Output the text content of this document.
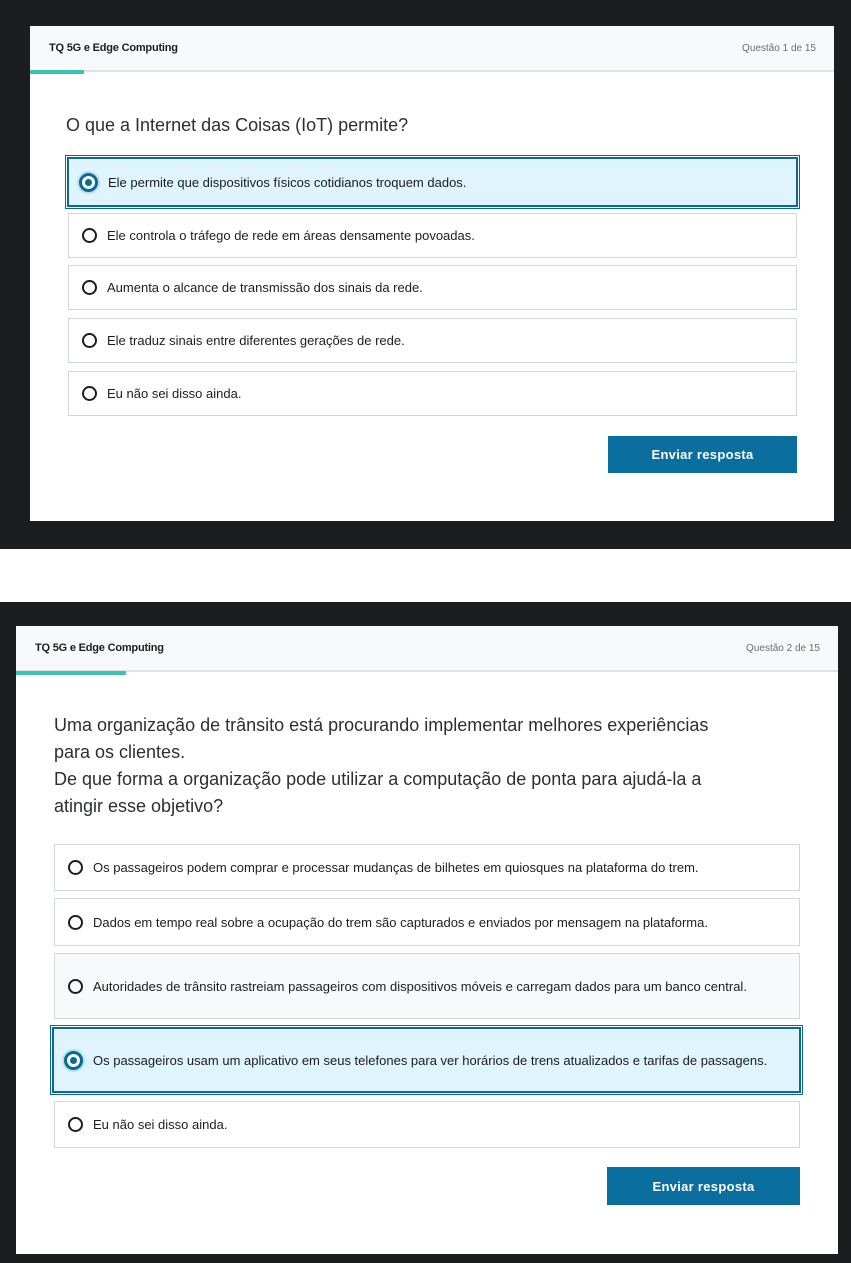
TQ 5G e Edge Computing	Questão 1 de 15
O que a Internet das Coisas (IoT) permite?
Ele permite que dispositivos físicos cotidianos troquem dados.
Ele controla o tráfego de rede em áreas densamente povoadas.
Aumenta o alcance de transmissão dos sinais da rede.
Ele traduz sinais entre diferentes gerações de rede.
Eu não sei disso ainda.
Enviar resposta
TQ 5G e Edge Computing	Questão 2 de 15
Uma organização de trânsito está procurando implementar melhores experiências
para os clientes.
De que forma a organização pode utilizar a computação de ponta para ajudá-la a
atingir esse objetivo?
Os passageiros podem comprar e processar mudanças de bilhetes em quiosques na plataforma do trem.
Dados em tempo real sobre a ocupação do trem são capturados e enviados por mensagem na plataforma.
Autoridades de trânsito rastreiam passageiros com dispositivos móveis e carregam dados para um banco central.
Os passageiros usam um aplicativo em seus telefones para ver horários de trens atualizados e tarifas de passagens.
Eu não sei disso ainda.
Enviar resposta
